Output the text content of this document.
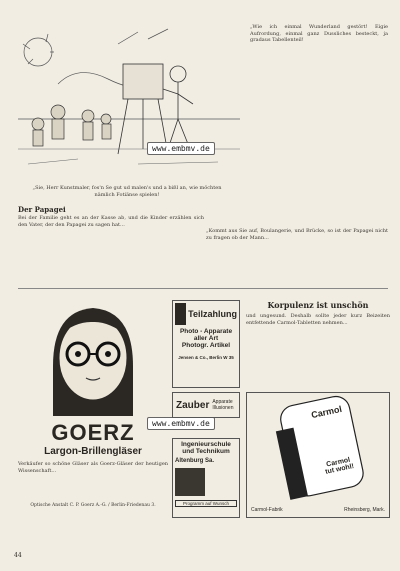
www.embmv.de
„Sie, Herr Kunstmaler, fos'n Se gut ud malen's und a bißl an, wie möchten nämlich Fotiänse spielen!
Der Papagei
Bei der Familie geht es an der Kasse ab, und die Kinder erzählen sich den Vater, der den Papagei zu sagen hat...
„Wie ich einmal Wunderland gestört! Eigie Aufrordung, einmal ganz Dussliches besteckt, ja gradaus Tabellenteil!
„Kommt aus Sie auf, Boulangerie, und Brücke, so ist der Papagei nicht zu fragen ob der Mann...
GOERZ
Largon-Brillengläser
Verkäufer so schöne Gläser als Goerz-Gläser der heutigen Wissenschaft...
Optische Anstalt C. P. Goerz A.-G. / Berlin-Friedenau 3.
Teilzahlung
Photo - Apparate
aller Art
Photogr. Artikel
Jensen & Co., Berlin W 35
Korpulenz ist unschön
und ungesund. Deshalb sollte jeder kurz Beizeiten entfettende Carmol-Tabletten nehmen...
www.embmv.de
Zauber Apparate
Illusionen
Ingenieurschule
und Technikum
Altenburg Sa.
Programm auf Wunsch
Carmol
Carmol tut wohl!
Carmol-Fabrik	Rheinsberg, Mark.
44
